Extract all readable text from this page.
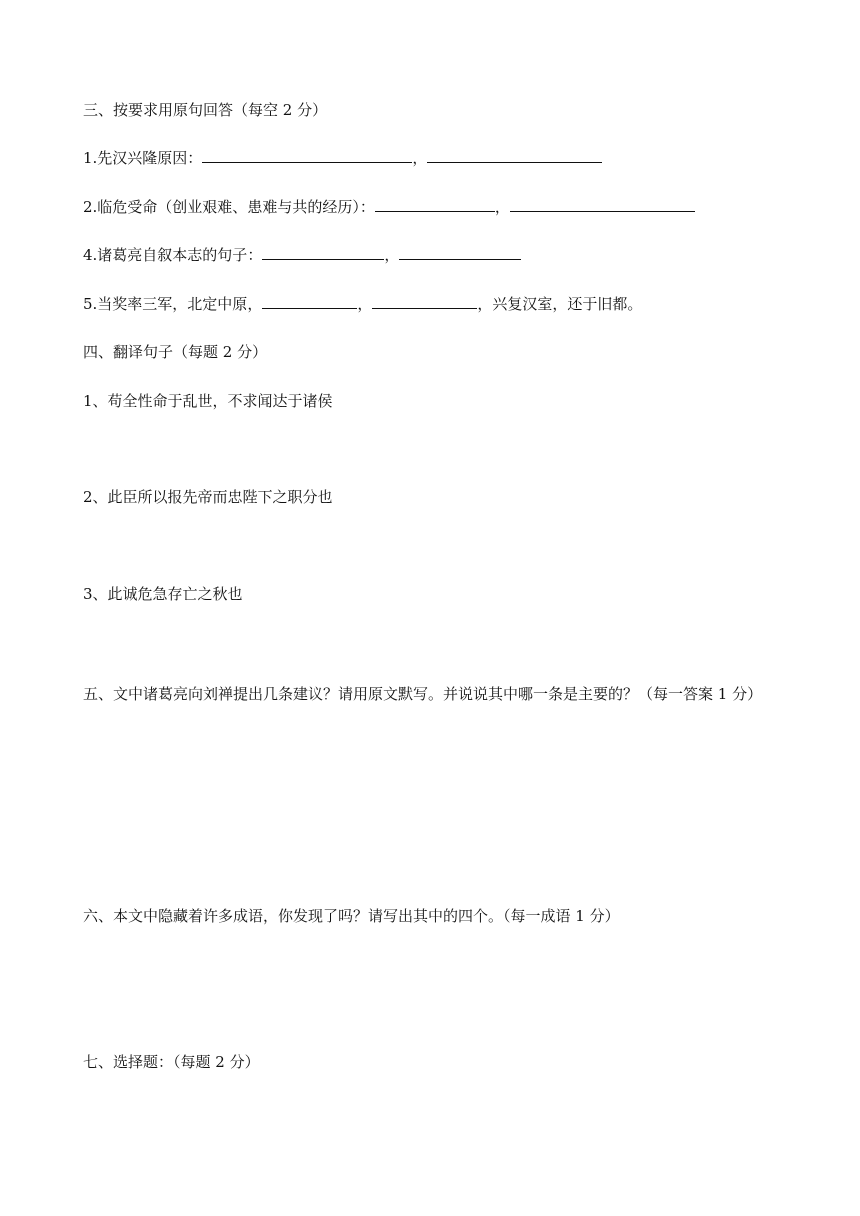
三、按要求用原句回答（每空 2 分）
1.先汉兴隆原因：	，
2.临危受命（创业艰难、患难与共的经历）：	，
4.诸葛亮自叙本志的句子：	，
5.当奖率三军，北定中原，	，	，兴复汉室，还于旧都。
四、翻译句子（每题 2 分）
1、苟全性命于乱世，不求闻达于诸侯
2、此臣所以报先帝而忠陛下之职分也
3、此诚危急存亡之秋也
五、文中诸葛亮向刘禅提出几条建议？请用原文默写。并说说其中哪一条是主要的？（每一答案 1 分）
六、本文中隐藏着许多成语，你发现了吗？请写出其中的四个。（每一成语 1 分）
七、选择题：（每题 2 分）
